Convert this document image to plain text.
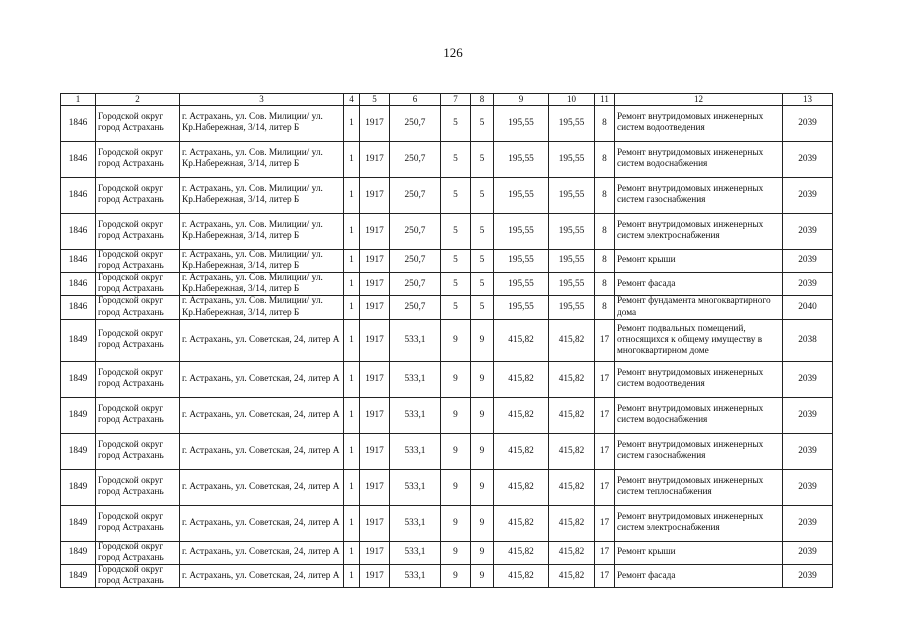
126
1	2	3	4	5	6	7	8	9	10	11	12	13
1846	Городской округ город Астрахань	г. Астрахань, ул. Сов. Милиции/ ул. Кр.Набережная, 3/14, литер Б	1	1917	250,7	5	5	195,55	195,55	8	Ремонт внутридомовых инженерных систем водоотведения	2039
1846	Городской округ город Астрахань	г. Астрахань, ул. Сов. Милиции/ ул. Кр.Набережная, 3/14, литер Б	1	1917	250,7	5	5	195,55	195,55	8	Ремонт внутридомовых инженерных систем водоснабжения	2039
1846	Городской округ город Астрахань	г. Астрахань, ул. Сов. Милиции/ ул. Кр.Набережная, 3/14, литер Б	1	1917	250,7	5	5	195,55	195,55	8	Ремонт внутридомовых инженерных систем газоснабжения	2039
1846	Городской округ город Астрахань	г. Астрахань, ул. Сов. Милиции/ ул. Кр.Набережная, 3/14, литер Б	1	1917	250,7	5	5	195,55	195,55	8	Ремонт внутридомовых инженерных систем электроснабжения	2039
1846	Городской округ город Астрахань	г. Астрахань, ул. Сов. Милиции/ ул. Кр.Набережная, 3/14, литер Б	1	1917	250,7	5	5	195,55	195,55	8	Ремонт крыши	2039
1846	Городской округ город Астрахань	г. Астрахань, ул. Сов. Милиции/ ул. Кр.Набережная, 3/14, литер Б	1	1917	250,7	5	5	195,55	195,55	8	Ремонт фасада	2039
1846	Городской округ город Астрахань	г. Астрахань, ул. Сов. Милиции/ ул. Кр.Набережная, 3/14, литер Б	1	1917	250,7	5	5	195,55	195,55	8	Ремонт фундамента многоквартирного дома	2040
1849	Городской округ город Астрахань	г. Астрахань, ул. Советская, 24, литер А	1	1917	533,1	9	9	415,82	415,82	17	Ремонт подвальных помещений, относящихся к общему имуществу в многоквартирном доме	2038
1849	Городской округ город Астрахань	г. Астрахань, ул. Советская, 24, литер А	1	1917	533,1	9	9	415,82	415,82	17	Ремонт внутридомовых инженерных систем водоотведения	2039
1849	Городской округ город Астрахань	г. Астрахань, ул. Советская, 24, литер А	1	1917	533,1	9	9	415,82	415,82	17	Ремонт внутридомовых инженерных систем водоснабжения	2039
1849	Городской округ город Астрахань	г. Астрахань, ул. Советская, 24, литер А	1	1917	533,1	9	9	415,82	415,82	17	Ремонт внутридомовых инженерных систем газоснабжения	2039
1849	Городской округ город Астрахань	г. Астрахань, ул. Советская, 24, литер А	1	1917	533,1	9	9	415,82	415,82	17	Ремонт внутридомовых инженерных систем теплоснабжения	2039
1849	Городской округ город Астрахань	г. Астрахань, ул. Советская, 24, литер А	1	1917	533,1	9	9	415,82	415,82	17	Ремонт внутридомовых инженерных систем электроснабжения	2039
1849	Городской округ город Астрахань	г. Астрахань, ул. Советская, 24, литер А	1	1917	533,1	9	9	415,82	415,82	17	Ремонт крыши	2039
1849	Городской округ город Астрахань	г. Астрахань, ул. Советская, 24, литер А	1	1917	533,1	9	9	415,82	415,82	17	Ремонт фасада	2039
